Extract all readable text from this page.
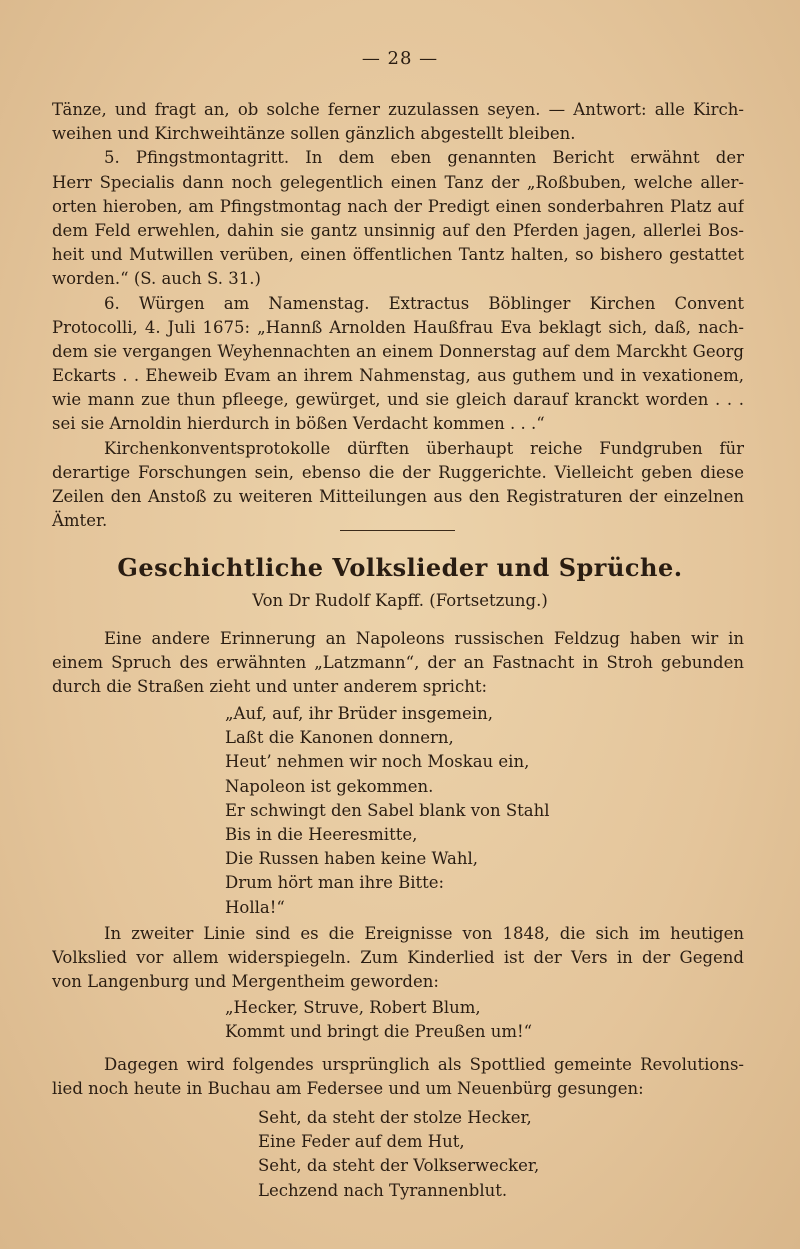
— 28 —
Tänze, und fragt an, ob solche ferner zuzulassen seyen. — Antwort: alle Kirch-
weihen und Kirchweihtänze sollen gänzlich abgestellt bleiben.
5. Pfingstmontagritt. In dem eben genannten Bericht erwähnt der
Herr Specialis dann noch gelegentlich einen Tanz der „Roßbuben, welche aller-
orten hieroben, am Pfingstmontag nach der Predigt einen sonderbahren Platz auf
dem Feld erwehlen, dahin sie gantz unsinnig auf den Pferden jagen, allerlei Bos-
heit und Mutwillen verüben, einen öffentlichen Tantz halten, so bishero gestattet
worden.“ (S. auch S. 31.)
6. Würgen am Namenstag. Extractus Böblinger Kirchen Convent
Protocolli, 4. Juli 1675: „Hannß Arnolden Haußfrau Eva beklagt sich, daß, nach-
dem sie vergangen Weyhennachten an einem Donnerstag auf dem Marckht Georg
Eckarts . . Eheweib Evam an ihrem Nahmenstag, aus guthem und in vexationem,
wie mann zue thun pfleege, gewürget, und sie gleich darauf kranckt worden . . .
sei sie Arnoldin hierdurch in bößen Verdacht kommen . . .“
Kirchenkonventsprotokolle dürften überhaupt reiche Fundgruben für
derartige Forschungen sein, ebenso die der Ruggerichte. Vielleicht geben diese
Zeilen den Anstoß zu weiteren Mitteilungen aus den Registraturen der einzelnen
Ämter.
Geschichtliche Volkslieder und Sprüche.
Von Dr Rudolf Kapff. (Fortsetzung.)
Eine andere Erinnerung an Napoleons russischen Feldzug haben wir in
einem Spruch des erwähnten „Latzmann“, der an Fastnacht in Stroh gebunden
durch die Straßen zieht und unter anderem spricht:
„Auf, auf, ihr Brüder insgemein,
Laßt die Kanonen donnern,
Heut’ nehmen wir noch Moskau ein,
Napoleon ist gekommen.
Er schwingt den Sabel blank von Stahl
Bis in die Heeresmitte,
Die Russen haben keine Wahl,
Drum hört man ihre Bitte:
Holla!“
In zweiter Linie sind es die Ereignisse von 1848, die sich im heutigen
Volkslied vor allem widerspiegeln. Zum Kinderlied ist der Vers in der Gegend
von Langenburg und Mergentheim geworden:
„Hecker, Struve, Robert Blum,
Kommt und bringt die Preußen um!“
Dagegen wird folgendes ursprünglich als Spottlied gemeinte Revolutions-
lied noch heute in Buchau am Federsee und um Neuenbürg gesungen:
Seht, da steht der stolze Hecker,
Eine Feder auf dem Hut,
Seht, da steht der Volkserwecker,
Lechzend nach Tyrannenblut.
